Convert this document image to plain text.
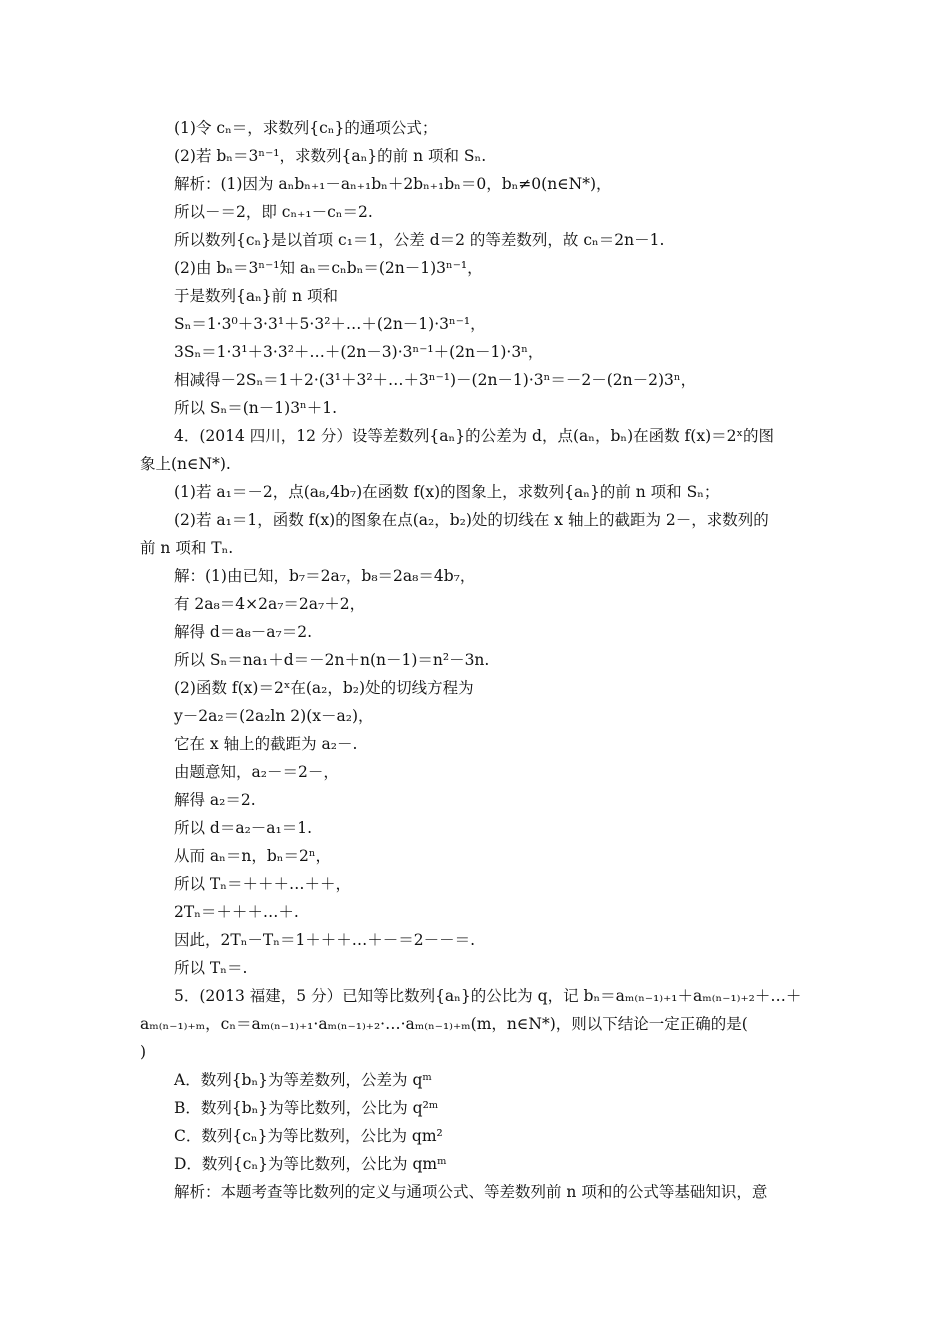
(1)令 cₙ＝，求数列{cₙ}的通项公式；
(2)若 bₙ＝3ⁿ⁻¹，求数列{aₙ}的前 n 项和 Sₙ.
解析：(1)因为 aₙbₙ₊₁－aₙ₊₁bₙ＋2bₙ₊₁bₙ＝0，bₙ≠0(n∈N*)，
所以－＝2，即 cₙ₊₁－cₙ＝2.
所以数列{cₙ}是以首项 c₁＝1，公差 d＝2 的等差数列，故 cₙ＝2n－1.
(2)由 bₙ＝3ⁿ⁻¹知 aₙ＝cₙbₙ＝(2n－1)3ⁿ⁻¹，
于是数列{aₙ}前 n 项和
Sₙ＝1·3⁰＋3·3¹＋5·3²＋…＋(2n－1)·3ⁿ⁻¹，
3Sₙ＝1·3¹＋3·3²＋…＋(2n－3)·3ⁿ⁻¹＋(2n－1)·3ⁿ，
相减得－2Sₙ＝1＋2·(3¹＋3²＋…＋3ⁿ⁻¹)－(2n－1)·3ⁿ＝－2－(2n－2)3ⁿ，
所以 Sₙ＝(n－1)3ⁿ＋1.
4．(2014 四川，12 分）设等差数列{aₙ}的公差为 d，点(aₙ，bₙ)在函数 f(x)＝2ˣ的图
象上(n∈N*).
(1)若 a₁＝－2，点(a₈,4b₇)在函数 f(x)的图象上，求数列{aₙ}的前 n 项和 Sₙ；
(2)若 a₁＝1，函数 f(x)的图象在点(a₂，b₂)处的切线在 x 轴上的截距为 2－，求数列的
前 n 项和 Tₙ.
解：(1)由已知，b₇＝2a₇，b₈＝2a₈＝4b₇，
有 2a₈＝4×2a₇＝2a₇＋2，
解得 d＝a₈－a₇＝2.
所以 Sₙ＝na₁＋d＝－2n＋n(n－1)＝n²－3n.
(2)函数 f(x)＝2ˣ在(a₂，b₂)处的切线方程为
y－2a₂＝(2a₂ln 2)(x－a₂)，
它在 x 轴上的截距为 a₂－.
由题意知，a₂－＝2－，
解得 a₂＝2.
所以 d＝a₂－a₁＝1.
从而 aₙ＝n，bₙ＝2ⁿ，
所以 Tₙ＝＋＋＋…＋＋，
2Tₙ＝＋＋＋…＋.
因此，2Tₙ－Tₙ＝1＋＋＋…＋－＝2－－＝.
所以 Tₙ＝.
5．(2013 福建，5 分）已知等比数列{aₙ}的公比为 q，记 bₙ＝aₘ₍ₙ₋₁₎₊₁＋aₘ₍ₙ₋₁₎₊₂＋…＋
aₘ₍ₙ₋₁₎₊ₘ，cₙ＝aₘ₍ₙ₋₁₎₊₁·aₘ₍ₙ₋₁₎₊₂·…·aₘ₍ₙ₋₁₎₊ₘ(m，n∈N*)，则以下结论一定正确的是(
)
A．数列{bₙ}为等差数列，公差为 qᵐ
B．数列{bₙ}为等比数列，公比为 q²ᵐ
C．数列{cₙ}为等比数列，公比为 qm²
D．数列{cₙ}为等比数列，公比为 qmᵐ
解析：本题考查等比数列的定义与通项公式、等差数列前 n 项和的公式等基础知识，意
